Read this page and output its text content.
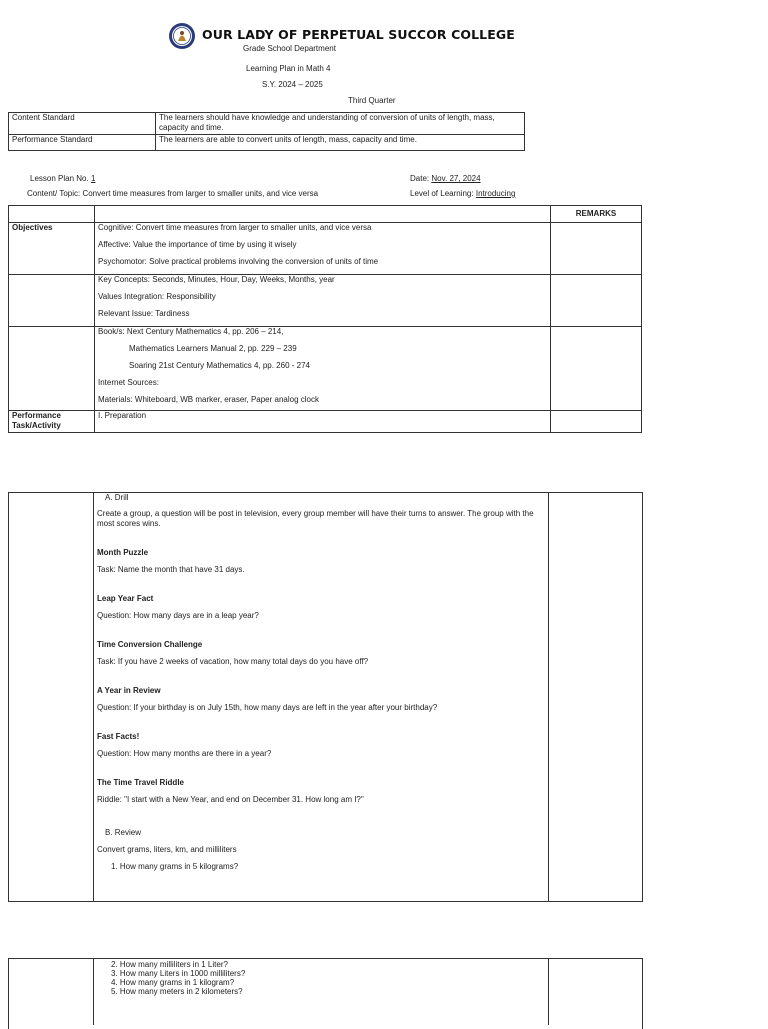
OUR LADY OF PERPETUAL SUCCOR COLLEGE
Grade School Department
Learning Plan in Math 4
S.Y. 2024 – 2025
Third Quarter
Content Standard	The learners should have knowledge and understanding of conversion of units of length, mass, capacity and time.
Performance Standard	The learners are able to convert units of length, mass, capacity and time.
Lesson Plan No. 1	Date: Nov. 27, 2024
Content/ Topic: Convert time measures from larger to smaller units, and vice versa	Level of Learning: Introducing
		REMARKS
Objectives	Cognitive: Convert time measures from larger to smaller units, and vice versa
Affective: Value the importance of time by using it wisely
Psychomotor: Solve practical problems involving the conversion of units of time	

	Key Concepts: Seconds, Minutes, Hour, Day, Weeks, Months, year
Values Integration: Responsibility
Relevant Issue: Tardiness	

	Book/s: Next Century Mathematics 4, pp. 206 – 214,
Mathematics Learners Manual 2, pp. 229 – 239
Soaring 21st Century Mathematics 4, pp. 260 - 274
Internet Sources:
Materials: Whiteboard, WB marker, eraser, Paper analog clock	

Performance Task/Activity	I. Preparation	
A. Drill
Create a group, a question will be post in television, every group member will have their turns to answer. The group with the most scores wins.
Month Puzzle
Task: Name the month that have 31 days.
Leap Year Fact
Question: How many days are in a leap year?
Time Conversion Challenge
Task: If you have 2 weeks of vacation, how many total days do you have off?
A Year in Review
Question: If your birthday is on July 15th, how many days are left in the year after your birthday?
Fast Facts!
Question: How many months are there in a year?
The Time Travel Riddle
Riddle: "I start with a New Year, and end on December 31. How long am I?"
B. Review
Convert grams, liters, km, and milliliters
1. How many grams in 5 kilograms?
2. How many milliliters in 1 Liter?
3. How many Liters in 1000 milliliters?
4. How many grams in 1 kilogram?
5. How many meters in 2 kilometers?
